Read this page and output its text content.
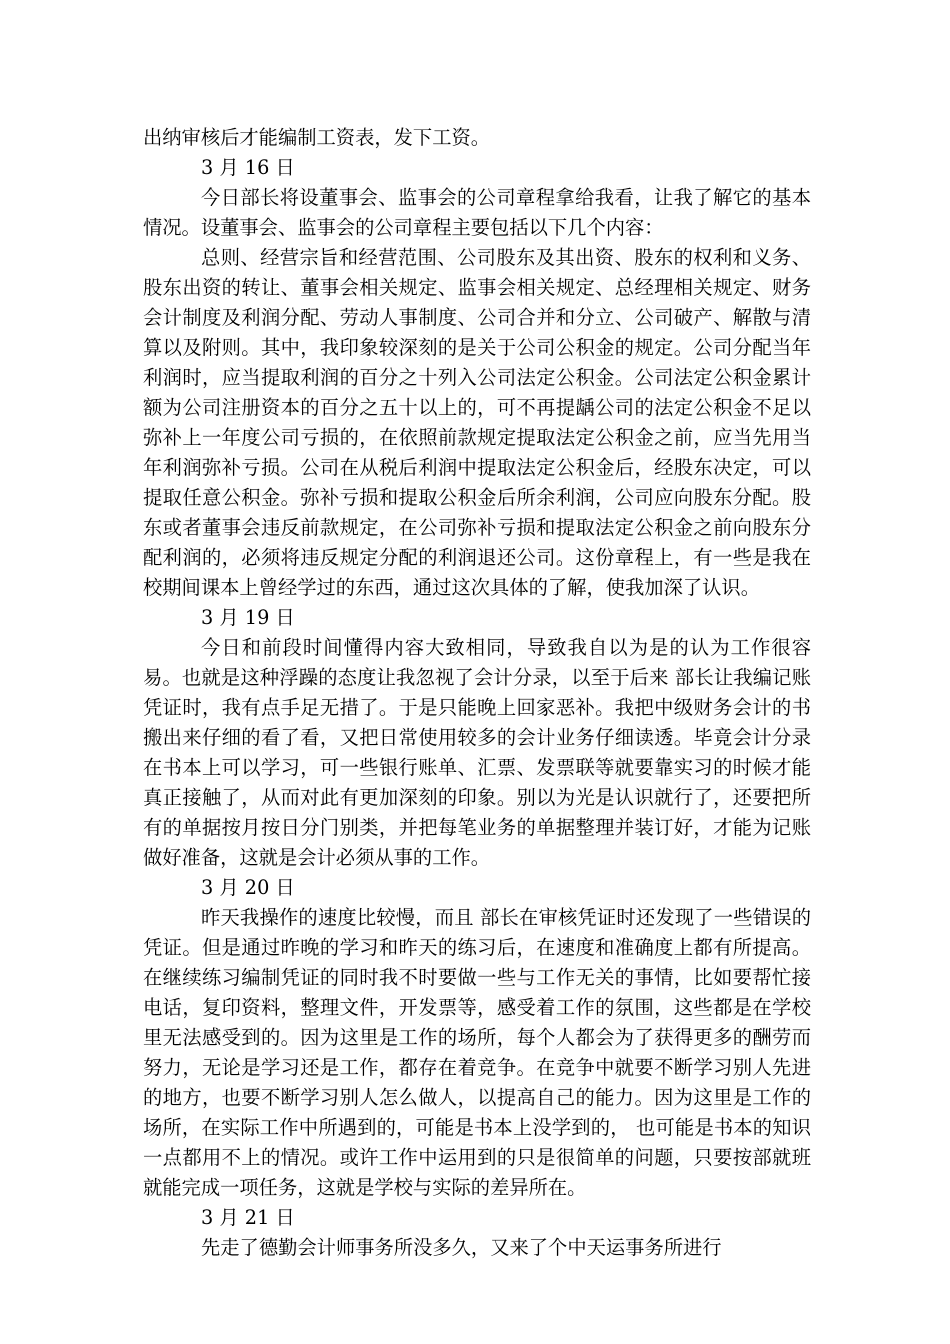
出纳审核后才能编制工资表，发下工资。

3 月 16 日

今日部长将设董事会、监事会的公司章程拿给我看，让我了解它的基本情况。设董事会、监事会的公司章程主要包括以下几个内容：

总则、经营宗旨和经营范围、公司股东及其出资、股东的权利和义务、股东出资的转让、董事会相关规定、监事会相关规定、总经理相关规定、财务会计制度及利润分配、劳动人事制度、公司合并和分立、公司破产、解散与清算以及附则。其中，我印象较深刻的是关于公司公积金的规定。公司分配当年利润时，应当提取利润的百分之十列入公司法定公积金。公司法定公积金累计额为公司注册资本的百分之五十以上的，可不再提龋公司的法定公积金不足以弥补上一年度公司亏损的，在依照前款规定提取法定公积金之前，应当先用当年利润弥补亏损。公司在从税后利润中提取法定公积金后，经股东决定，可以提取任意公积金。弥补亏损和提取公积金后所余利润，公司应向股东分配。股东或者董事会违反前款规定，在公司弥补亏损和提取法定公积金之前向股东分配利润的，必须将违反规定分配的利润退还公司。这份章程上，有一些是我在校期间课本上曾经学过的东西，通过这次具体的了解，使我加深了认识。

3 月 19 日

今日和前段时间懂得内容大致相同，导致我自以为是的认为工作很容易。也就是这种浮躁的态度让我忽视了会计分录，以至于后来 部长让我编记账凭证时，我有点手足无措了。于是只能晚上回家恶补。我把中级财务会计的书搬出来仔细的看了看，又把日常使用较多的会计业务仔细读透。毕竟会计分录在书本上可以学习，可一些银行账单、汇票、发票联等就要靠实习的时候才能真正接触了，从而对此有更加深刻的印象。别以为光是认识就行了，还要把所有的单据按月按日分门别类，并把每笔业务的单据整理并装订好，才能为记账做好准备，这就是会计必须从事的工作。

3 月 20 日

昨天我操作的速度比较慢，而且 部长在审核凭证时还发现了一些错误的凭证。但是通过昨晚的学习和昨天的练习后，在速度和准确度上都有所提高。在继续练习编制凭证的同时我不时要做一些与工作无关的事情，比如要帮忙接电话，复印资料，整理文件，开发票等，感受着工作的氛围，这些都是在学校里无法感受到的。因为这里是工作的场所，每个人都会为了获得更多的酬劳而努力，无论是学习还是工作，都存在着竞争。在竞争中就要不断学习别人先进的地方，也要不断学习别人怎么做人，以提高自己的能力。因为这里是工作的场所，在实际工作中所遇到的，可能是书本上没学到的， 也可能是书本的知识一点都用不上的情况。或许工作中运用到的只是很简单的问题，只要按部就班就能完成一项任务，这就是学校与实际的差异所在。

3 月 21 日

先走了德勤会计师事务所没多久，又来了个中天运事务所进行
